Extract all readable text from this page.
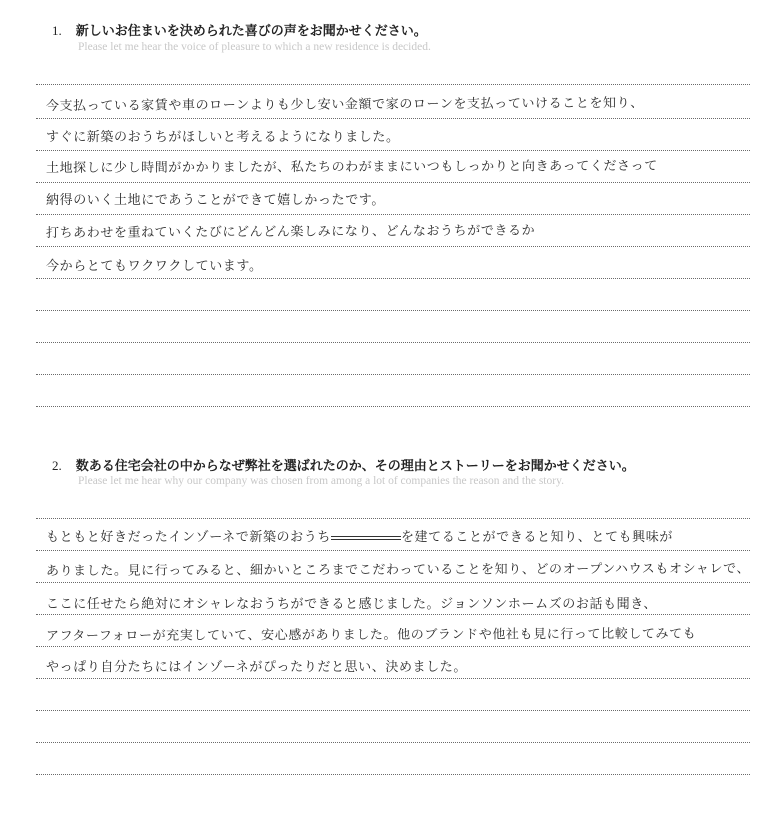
1. 新しいお住まいを決められた喜びの声をお聞かせください。
Please let me hear the voice of pleasure to which a new residence is decided.
今支払っている家賃や車のローンよりも少し安い金額で家のローンを支払っていけることを知り、
すぐに新築のおうちがほしいと考えるようになりました。
土地探しに少し時間がかかりましたが、私たちのわがままにいつもしっかりと向きあってくださって
納得のいく土地にであうことができて嬉しかったです。
打ちあわせを重ねていくたびにどんどん楽しみになり、どんなおうちができるか
今からとてもワクワクしています。
2. 数ある住宅会社の中からなぜ弊社を選ばれたのか、その理由とストーリーをお聞かせください。
Please let me hear why our company was chosen from among a lot of companies the reason and the story.
もともと好きだったインゾーネで新築のおうち	を建てることができると知り、とても興味が
ありました。見に行ってみると、細かいところまでこだわっていることを知り、どのオープンハウスもオシャレで、
ここに任せたら絶対にオシャレなおうちができると感じました。ジョンソンホームズのお話も聞き、
アフターフォローが充実していて、安心感がありました。他のブランドや他社も見に行って比較してみても
やっぱり自分たちにはインゾーネがぴったりだと思い、決めました。
